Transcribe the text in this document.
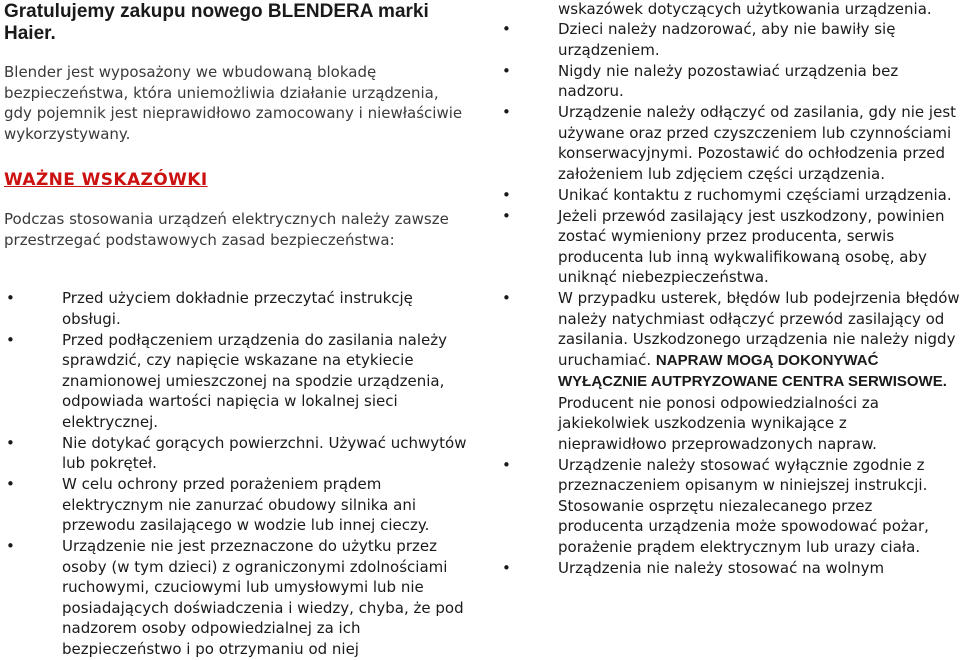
Gratulujemy zakupu nowego BLENDERA marki
Haier.
Blender jest wyposażony we wbudowaną blokadę bezpieczeństwa, która uniemożliwia działanie urządzenia, gdy pojemnik jest nieprawidłowo zamocowany i niewłaściwie wykorzystywany.
WAŻNE WSKAZÓWKI
Podczas stosowania urządzeń elektrycznych należy zawsze przestrzegać podstawowych zasad bezpieczeństwa:
•	Przed użyciem dokładnie przeczytać instrukcję obsługi.
•	Przed podłączeniem urządzenia do zasilania należy sprawdzić, czy napięcie wskazane na etykiecie znamionowej umieszczonej na spodzie urządzenia, odpowiada wartości napięcia w lokalnej sieci elektrycznej.
•	Nie dotykać gorących powierzchni. Używać uchwytów lub pokręteł.
•	W celu ochrony przed porażeniem prądem elektrycznym nie zanurzać obudowy silnika ani przewodu zasilającego w wodzie lub innej cieczy.
•	Urządzenie nie jest przeznaczone do użytku przez osoby (w tym dzieci) z ograniczonymi zdolnościami ruchowymi, czuciowymi lub umysłowymi lub nie posiadających doświadczenia i wiedzy, chyba, że pod nadzorem osoby odpowiedzialnej za ich bezpieczeństwo i po otrzymaniu od niej
wskazówek dotyczących użytkowania urządzenia.
•	Dzieci należy nadzorować, aby nie bawiły się urządzeniem.
•	Nigdy nie należy pozostawiać urządzenia bez nadzoru.
•	Urządzenie należy odłączyć od zasilania, gdy nie jest używane oraz przed czyszczeniem lub czynnościami konserwacyjnymi. Pozostawić do ochłodzenia przed założeniem lub zdjęciem części urządzenia.
•	Unikać kontaktu z ruchomymi częściami urządzenia.
•	Jeżeli przewód zasilający jest uszkodzony, powinien zostać wymieniony przez producenta, serwis producenta lub inną wykwalifikowaną osobę, aby uniknąć niebezpieczeństwa.
•	W przypadku usterek, błędów lub podejrzenia błędów należy natychmiast odłączyć przewód zasilający od zasilania. Uszkodzonego urządzenia nie należy nigdy uruchamiać. NAPRAW MOGĄ DOKONYWAĆ WYŁĄCZNIE AUTPRYZOWANE CENTRA SERWISOWE. Producent nie ponosi odpowiedzialności za jakiekolwiek uszkodzenia wynikające z nieprawidłowo przeprowadzonych napraw.
•	Urządzenie należy stosować wyłącznie zgodnie z przeznaczeniem opisanym w niniejszej instrukcji.
Stosowanie osprzętu niezalecanego przez producenta urządzenia może spowodować pożar, porażenie prądem elektrycznym lub urazy ciała.
•	Urządzenia nie należy stosować na wolnym
